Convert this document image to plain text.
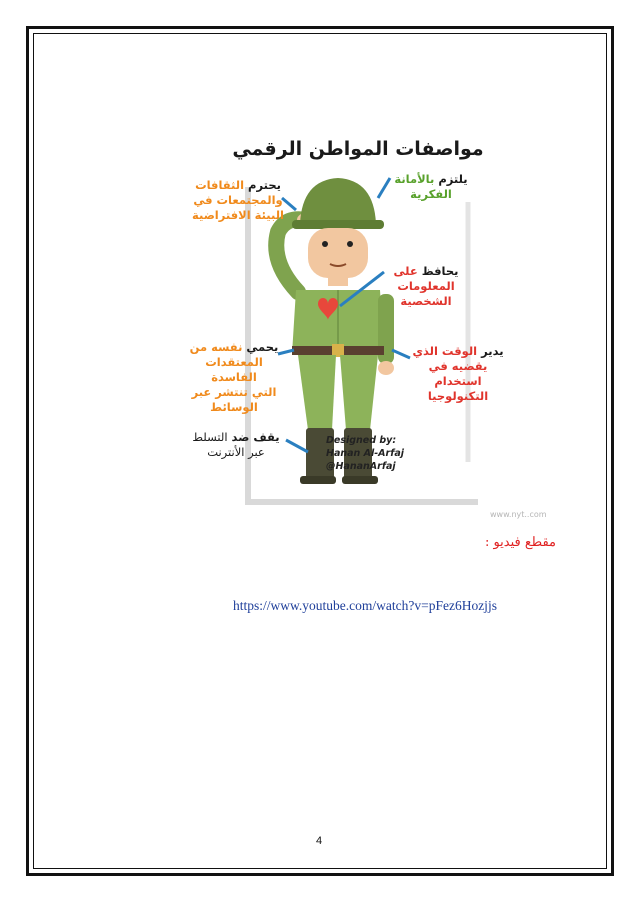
مواصفات المواطن الرقمي
يلتزم بالأمانة
الفكرية
يحترم الثقافات
والمجتمعات في
البيئة الافتراضية
يحافظ على
المعلومات
الشخصية
يدير الوقت الذي
يقضيه في
استخدام
التكنولوجيا
يحمي نفسه من
المعتقدات
الفاسدة
التي تنتشر عبر
الوسائط
يقف ضد التسلط
عبر الأنترنت
Designed by:
Hanan Al-Arfaj
@HananArfaj
www.nyt..com
مقطع فيديو :
https://www.youtube.com/watch?v=pFez6Hozjjs
4
